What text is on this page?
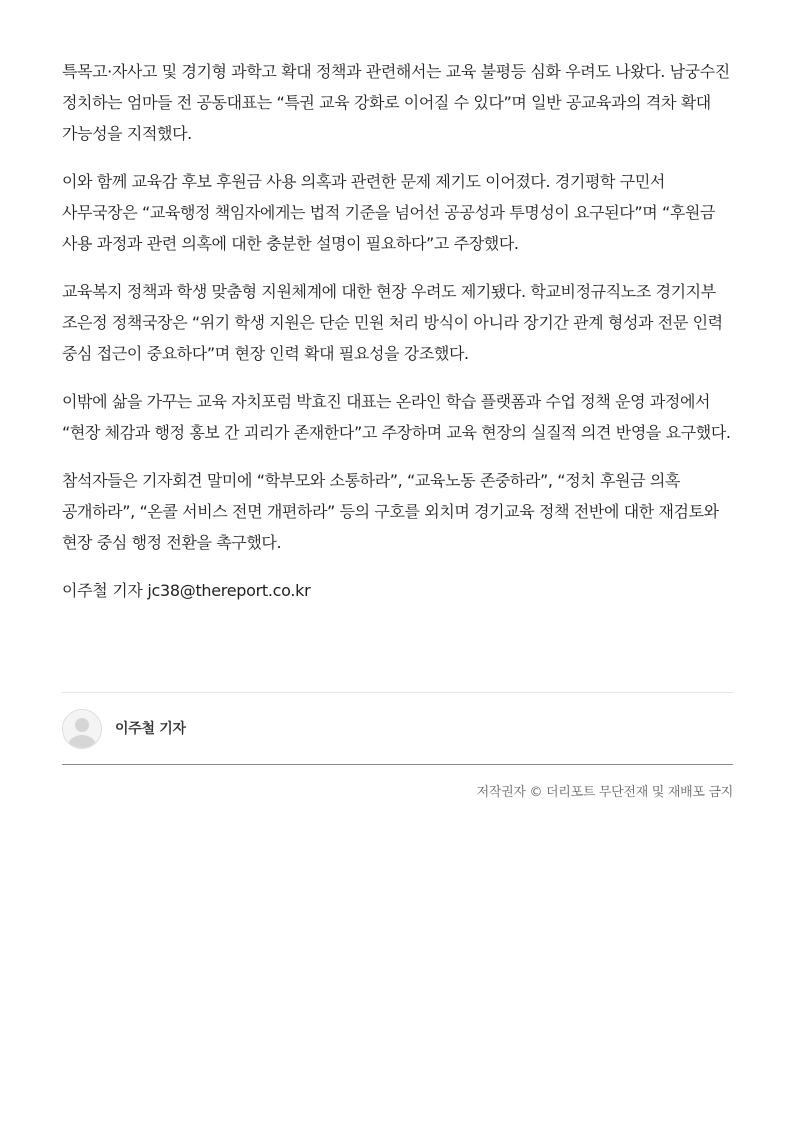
특목고·자사고 및 경기형 과학고 확대 정책과 관련해서는 교육 불평등 심화 우려도 나왔다. 남궁수진 정치하는 엄마들 전 공동대표는 “특권 교육 강화로 이어질 수 있다”며 일반 공교육과의 격차 확대 가능성을 지적했다.

이와 함께 교육감 후보 후원금 사용 의혹과 관련한 문제 제기도 이어졌다. 경기평학 구민서 사무국장은 “교육행정 책임자에게는 법적 기준을 넘어선 공공성과 투명성이 요구된다”며 “후원금 사용 과정과 관련 의혹에 대한 충분한 설명이 필요하다”고 주장했다.

교육복지 정책과 학생 맞춤형 지원체계에 대한 현장 우려도 제기됐다. 학교비정규직노조 경기지부 조은정 정책국장은 “위기 학생 지원은 단순 민원 처리 방식이 아니라 장기간 관계 형성과 전문 인력 중심 접근이 중요하다”며 현장 인력 확대 필요성을 강조했다.

이밖에 삶을 가꾸는 교육 자치포럼 박효진 대표는 온라인 학습 플랫폼과 수업 정책 운영 과정에서 “현장 체감과 행정 홍보 간 괴리가 존재한다”고 주장하며 교육 현장의 실질적 의견 반영을 요구했다.

참석자들은 기자회견 말미에 “학부모와 소통하라”, “교육노동 존중하라”, “정치 후원금 의혹 공개하라”, “온콜 서비스 전면 개편하라” 등의 구호를 외치며 경기교육 정책 전반에 대한 재검토와 현장 중심 행정 전환을 촉구했다.

이주철 기자 jc38@thereport.co.kr

이주철 기자
저작권자 © 더리포트 무단전재 및 재배포 금지
